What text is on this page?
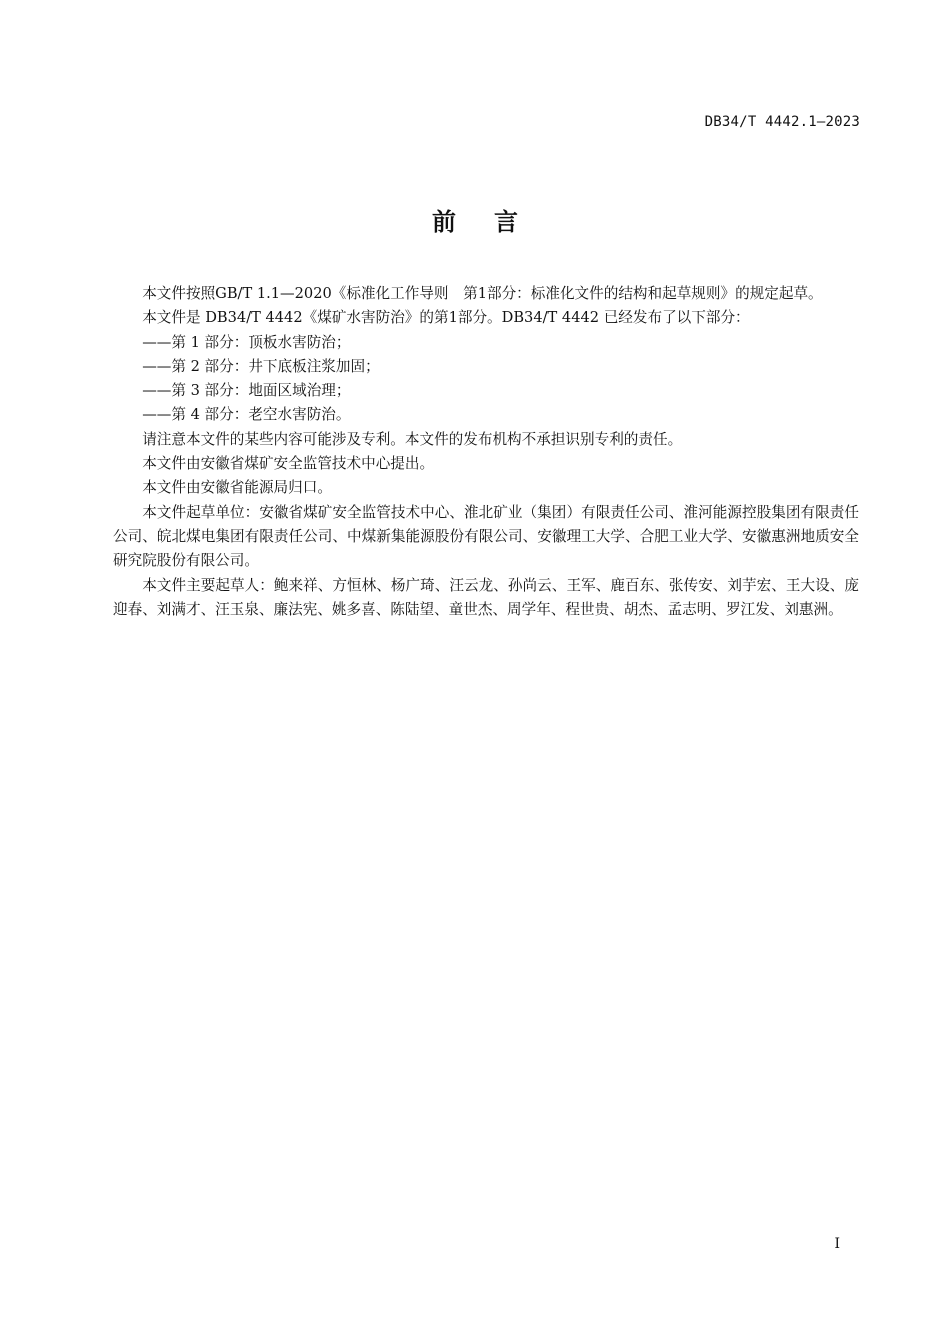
DB34/T 4442.1—2023
前言

本文件按照GB/T 1.1—2020《标准化工作导则　第1部分：标准化文件的结构和起草规则》的规定起草。

本文件是 DB34/T 4442《煤矿水害防治》的第1部分。DB34/T 4442 已经发布了以下部分：

——第 1 部分：顶板水害防治；

——第 2 部分：井下底板注浆加固；

——第 3 部分：地面区域治理；

——第 4 部分：老空水害防治。

请注意本文件的某些内容可能涉及专利。本文件的发布机构不承担识别专利的责任。

本文件由安徽省煤矿安全监管技术中心提出。

本文件由安徽省能源局归口。

本文件起草单位：安徽省煤矿安全监管技术中心、淮北矿业（集团）有限责任公司、淮河能源控股集团有限责任公司、皖北煤电集团有限责任公司、中煤新集能源股份有限公司、安徽理工大学、合肥工业大学、安徽惠洲地质安全研究院股份有限公司。

本文件主要起草人：鲍来祥、方恒林、杨广琦、汪云龙、孙尚云、王军、鹿百东、张传安、刘芋宏、王大设、庞迎春、刘满才、汪玉泉、廉法宪、姚多喜、陈陆望、童世杰、周学年、程世贵、胡杰、孟志明、罗江发、刘惠洲。

I
